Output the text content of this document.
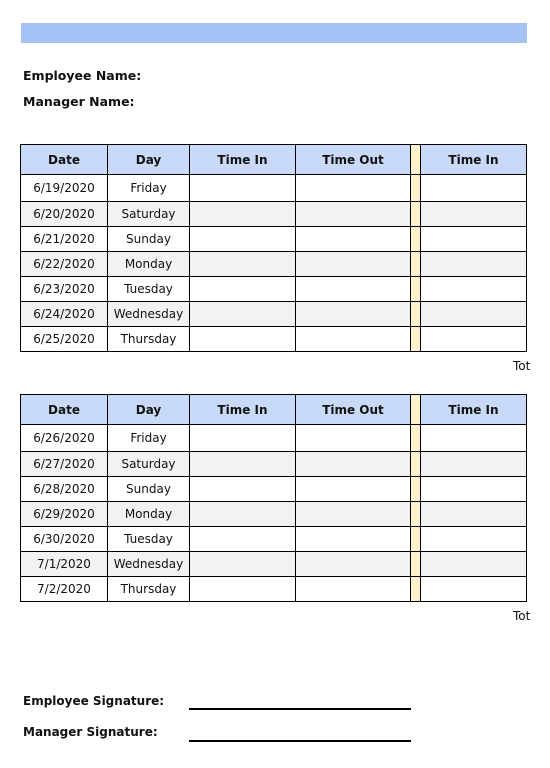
Employee Name:
Manager Name:
Date	Day	Time In	Time Out		Time In
6/19/2020	Friday				
6/20/2020	Saturday				
6/21/2020	Sunday				
6/22/2020	Monday				
6/23/2020	Tuesday				
6/24/2020	Wednesday				
6/25/2020	Thursday				
Tot
Date	Day	Time In	Time Out		Time In
6/26/2020	Friday				
6/27/2020	Saturday				
6/28/2020	Sunday				
6/29/2020	Monday				
6/30/2020	Tuesday				
7/1/2020	Wednesday				
7/2/2020	Thursday				
Tot
Employee Signature:
Manager Signature:
